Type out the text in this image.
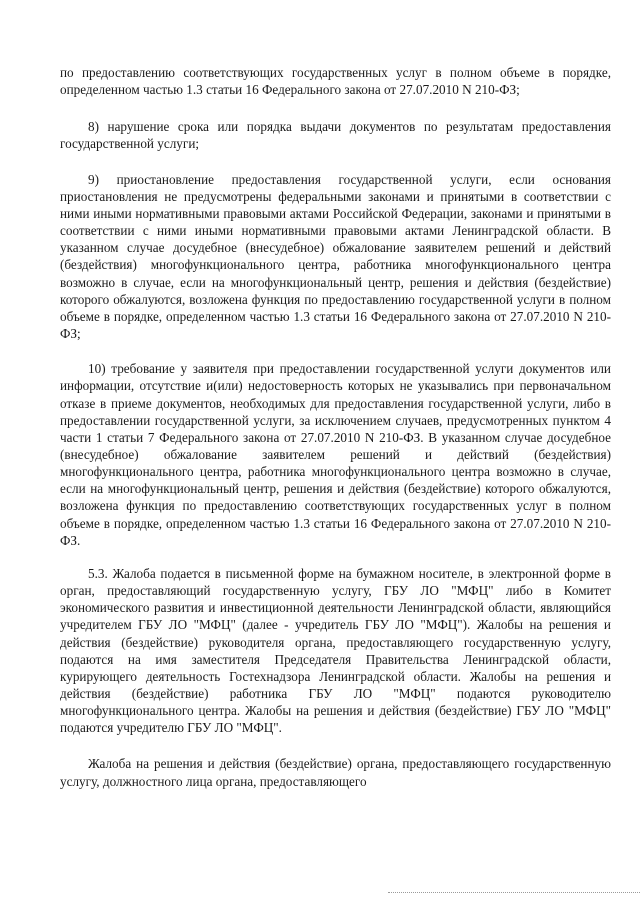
по предоставлению соответствующих государственных услуг в полном объеме в порядке, определенном частью 1.3 статьи 16 Федерального закона от 27.07.2010 N 210-ФЗ;

8) нарушение срока или порядка выдачи документов по результатам предоставления государственной услуги;

9) приостановление предоставления государственной услуги, если основания приостановления не предусмотрены федеральными законами и принятыми в соответствии с ними иными нормативными правовыми актами Российской Федерации, законами и принятыми в соответствии с ними иными нормативными правовыми актами Ленинградской области. В указанном случае досудебное (внесудебное) обжалование заявителем решений и действий (бездействия) многофункционального центра, работника многофункционального центра возможно в случае, если на многофункциональный центр, решения и действия (бездействие) которого обжалуются, возложена функция по предоставлению государственной услуги в полном объеме в порядке, определенном частью 1.3 статьи 16 Федерального закона от 27.07.2010 N 210-ФЗ;

10) требование у заявителя при предоставлении государственной услуги документов или информации, отсутствие и(или) недостоверность которых не указывались при первоначальном отказе в приеме документов, необходимых для предоставления государственной услуги, либо в предоставлении государственной услуги, за исключением случаев, предусмотренных пунктом 4 части 1 статьи 7 Федерального закона от 27.07.2010 N 210-ФЗ. В указанном случае досудебное (внесудебное) обжалование заявителем решений и действий (бездействия) многофункционального центра, работника многофункционального центра возможно в случае, если на многофункциональный центр, решения и действия (бездействие) которого обжалуются, возложена функция по предоставлению соответствующих государственных услуг в полном объеме в порядке, определенном частью 1.3 статьи 16 Федерального закона от 27.07.2010 N 210-ФЗ.

5.3. Жалоба подается в письменной форме на бумажном носителе, в электронной форме в орган, предоставляющий государственную услугу, ГБУ ЛО "МФЦ" либо в Комитет экономического развития и инвестиционной деятельности Ленинградской области, являющийся учредителем ГБУ ЛО "МФЦ" (далее - учредитель ГБУ ЛО "МФЦ"). Жалобы на решения и действия (бездействие) руководителя органа, предоставляющего государственную услугу, подаются на имя заместителя Председателя Правительства Ленинградской области, курирующего деятельность Гостехнадзора Ленинградской области. Жалобы на решения и действия (бездействие) работника ГБУ ЛО "МФЦ" подаются руководителю многофункционального центра. Жалобы на решения и действия (бездействие) ГБУ ЛО "МФЦ" подаются учредителю ГБУ ЛО "МФЦ".

Жалоба на решения и действия (бездействие) органа, предоставляющего государственную услугу, должностного лица органа, предоставляющего
